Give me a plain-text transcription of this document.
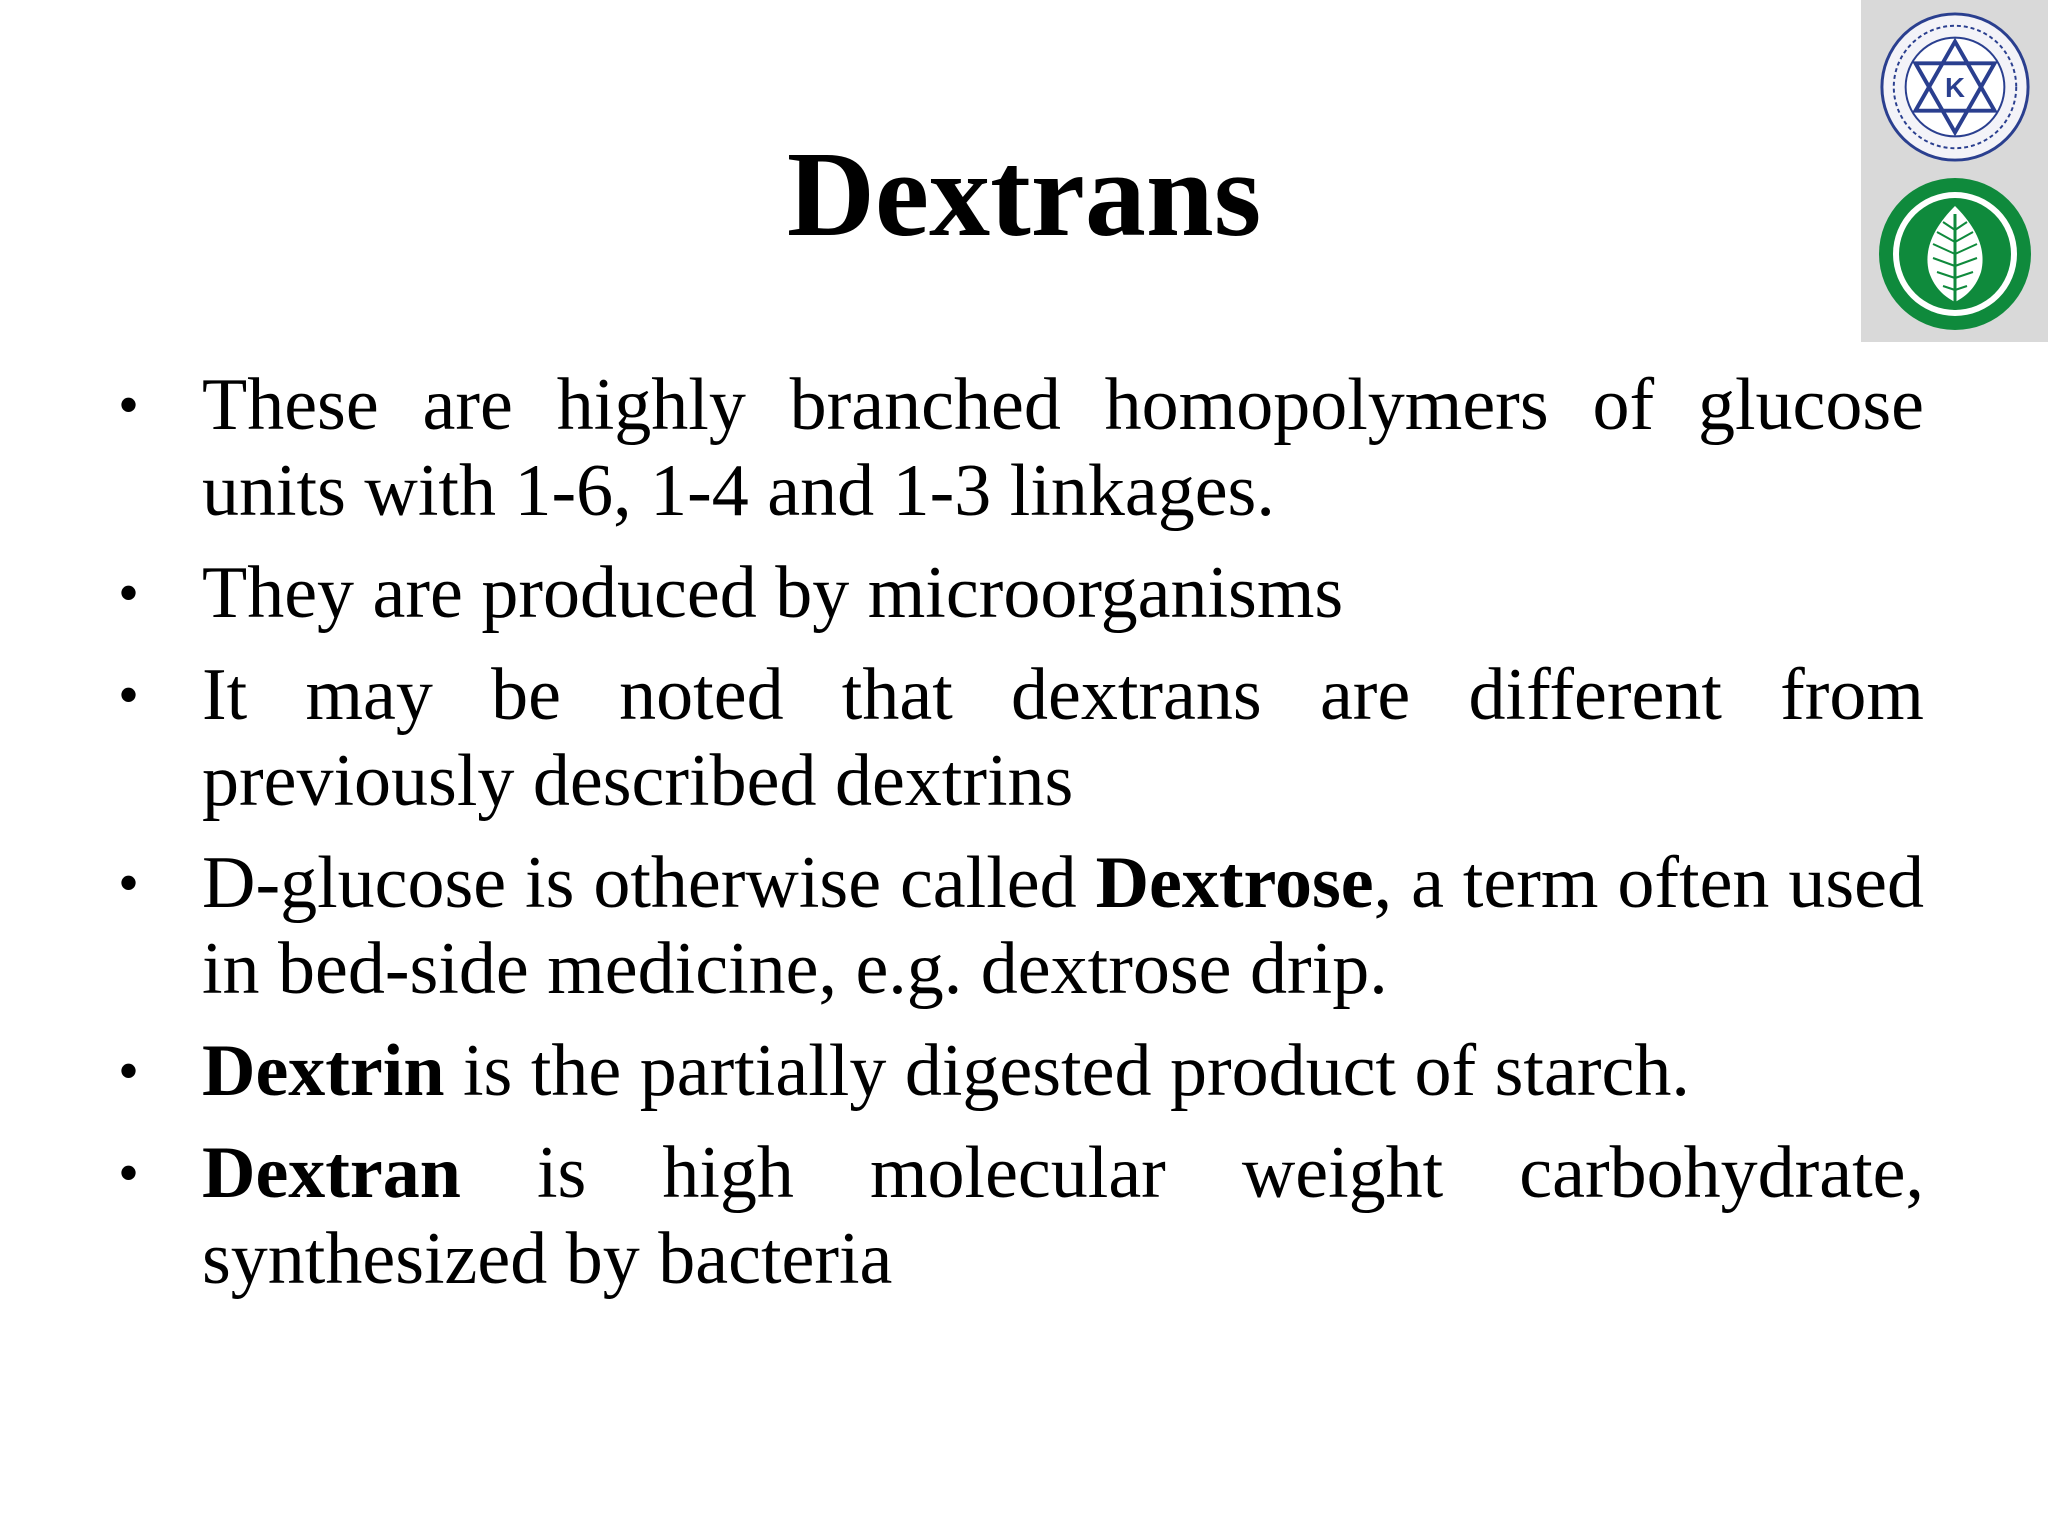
K
Dextrans
• These are highly branched homopolymers of glucose units with 1-6, 1-4 and 1-3 linkages.
• They are produced by microorganisms
• It may be noted that dextrans are different from previously described dextrins
• D-glucose is otherwise called Dextrose, a term often used in bed-side medicine, e.g. dextrose drip.
• Dextrin is the partially digested product of starch.
• Dextran is high molecular weight carbohydrate, synthesized by bacteria
